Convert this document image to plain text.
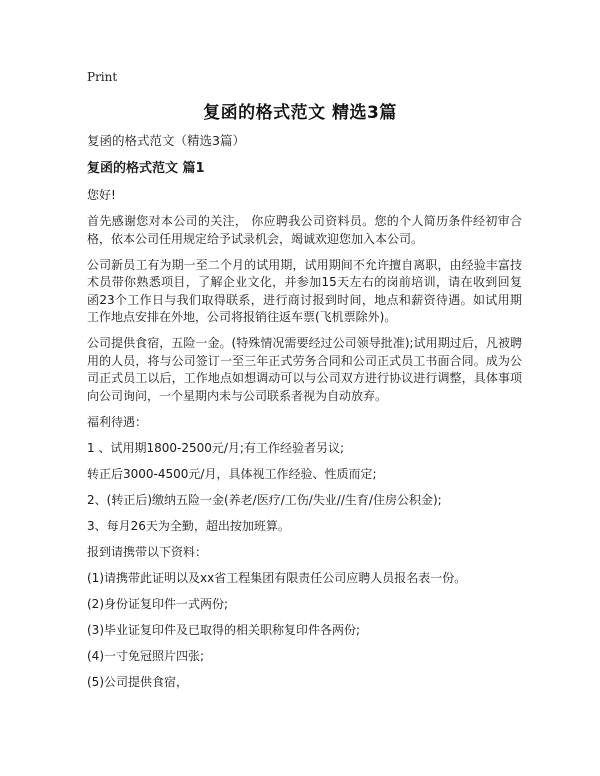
Print
复函的格式范文 精选3篇
复函的格式范文（精选3篇）
复函的格式范文 篇1
您好!
首先感谢您对本公司的关注， 你应聘我公司资料员。您的个人简历条件经初审合格，依本公司任用规定给予试录机会，竭诚欢迎您加入本公司。
公司新员工有为期一至二个月的试用期，试用期间不允许擅自离职，由经验丰富技术员带你熟悉项目，了解企业文化，并参加15天左右的岗前培训，请在收到回复函23个工作日与我们取得联系，进行商讨报到时间，地点和薪资待遇。如试用期工作地点安排在外地，公司将报销往返车票(飞机票除外)。
公司提供食宿，五险一金。(特殊情况需要经过公司领导批准);试用期过后，凡被聘用的人员，将与公司签订一至三年正式劳务合同和公司正式员工书面合同。成为公司正式员工以后，工作地点如想调动可以与公司双方进行协议进行调整，具体事项向公司询问，一个星期内未与公司联系者视为自动放弃。
福利待遇：
1 、试用期1800-2500元/月;有工作经验者另议;
转正后3000-4500元/月，具体视工作经验、性质而定;
2、(转正后)缴纳五险一金(养老/医疗/工伤/失业//生育/住房公积金);
3、每月26天为全勤，超出按加班算。
报到请携带以下资料：
(1)请携带此证明以及xx省工程集团有限责任公司应聘人员报名表一份。
(2)身份证复印件一式两份;
(3)毕业证复印件及已取得的相关职称复印件各两份;
(4)一寸免冠照片四张;
(5)公司提供食宿，
